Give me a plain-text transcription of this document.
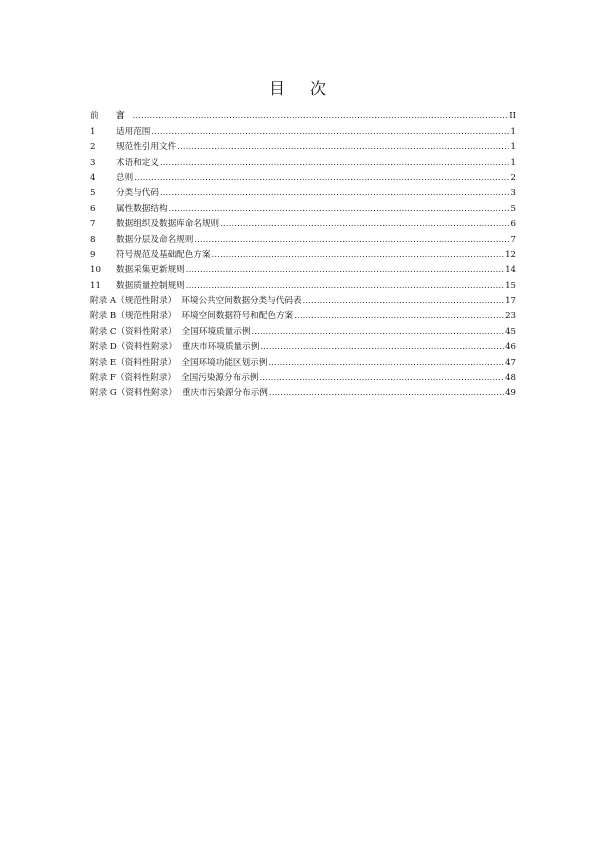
目 次
前	言 .....	II
1	适用范围 .....	1
2	规范性引用文件 .....	1
3	术语和定义 .....	1
4	总则 .....	2
5	分类与代码 .....	3
6	属性数据结构 .....	5
7	数据组织及数据库命名规则 .....	6
8	数据分层及命名规则 .....	7
9	符号规范及基础配色方案 .....	12
10	数据采集更新规则 .....	14
11	数据质量控制规则 .....	15
附录 A（规范性附录） 环境公共空间数据分类与代码表 .....	17
附录 B（规范性附录） 环境空间数据符号和配色方案 .....	23
附录 C（资料性附录） 全国环境质量示例 .....	45
附录 D（资料性附录） 重庆市环境质量示例 .....	46
附录 E（资料性附录） 全国环境功能区划示例 .....	47
附录 F（资料性附录） 全国污染源分布示例 .....	48
附录 G（资料性附录） 重庆市污染源分布示例 .....	49
